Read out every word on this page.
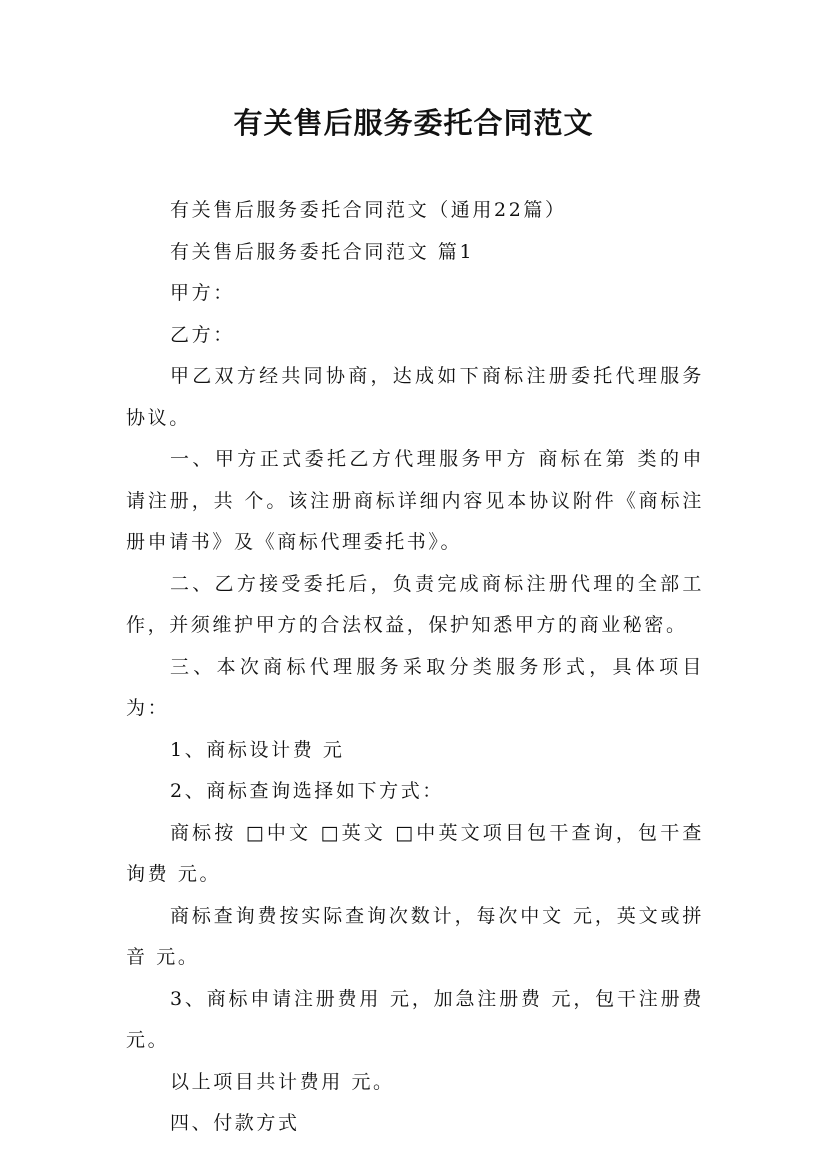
有关售后服务委托合同范文

有关售后服务委托合同范文（通用22篇）

有关售后服务委托合同范文 篇1

甲方：

乙方：

甲乙双方经共同协商，达成如下商标注册委托代理服务协议。

一、甲方正式委托乙方代理服务甲方 商标在第 类的申请注册，共 个。该注册商标详细内容见本协议附件《商标注册申请书》及《商标代理委托书》。

二、乙方接受委托后，负责完成商标注册代理的全部工作，并须维护甲方的合法权益，保护知悉甲方的商业秘密。

三、本次商标代理服务采取分类服务形式，具体项目为：

1、商标设计费 元

2、商标查询选择如下方式：

商标按 □中文 □英文 □中英文项目包干查询，包干查询费 元。

商标查询费按实际查询次数计，每次中文 元，英文或拼音 元。

3、商标申请注册费用 元，加急注册费 元，包干注册费 元。

以上项目共计费用 元。

四、付款方式
